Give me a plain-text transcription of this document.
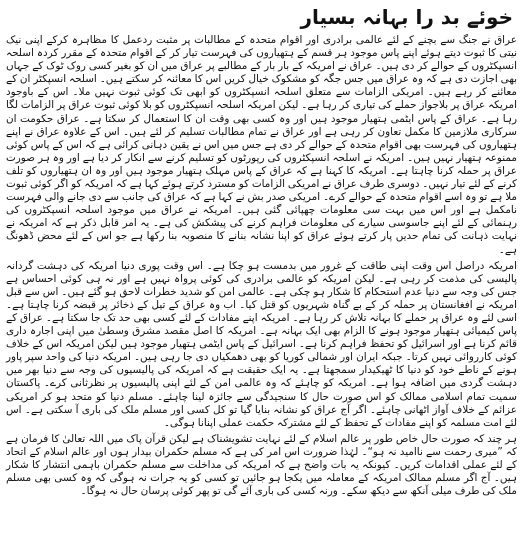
خوئے بد را بہانہ بسیار

عراق نے جنگ سے بچنے کے لئے عالمی برادری اور اقوام متحدہ کے مطالبات پر مثبت ردعمل کا مظاہرہ کرکے اپنی نیک نیتی کا ثبوت دیتے ہوئے اپنے پاس موجود ہر قسم کے ہتھیاروں کی فہرست تیار کر کے اقوام متحدہ کے مقرر کردہ اسلحہ انسپکٹروں کے حوالے کر دی ہیں۔ عراق نے امریکہ کے بار بار کے مطالبے پر عراق میں ان کو بغیر کسی روک ٹوک کے جہاں بھی اجازت دی ہے کہ وہ عراق میں جس جگہ کو مشکوک خیال کریں اس کا معائنہ کر سکتے ہیں۔ اسلحہ انسپکٹر ان کے معائنے کر رہے ہیں۔ امریکی الزامات سے متعلق اسلحہ انسپکٹروں کو ابھی تک کوئی ثبوت نہیں ملا۔ اس کے باوجود امریکہ عراق پر بلاجواز حملے کی تیاری کر رہا ہے۔ لیکن امریکہ اسلحہ انسپکٹروں کو بلا کوئی ثبوت عراق پر الزامات لگا رہا ہے۔ عراق کے پاس ایٹمی ہتھیار موجود ہیں اور وہ کسی بھی وقت ان کا استعمال کر سکتا ہے۔ عراق حکومت ان سرکاری ملازمین کا مکمل تعاون کر رہی ہے اور عراق نے تمام مطالبات تسلیم کر لئے ہیں۔ اس کے علاوہ عراق نے اپنے ہتھیاروں کی فہرست بھی اقوام متحدہ کے حوالے کر دی ہے جس میں اس نے یقین دہانی کرائی ہے کہ اس کے پاس کوئی ممنوعہ ہتھیار نہیں ہیں۔ امریکہ نے اسلحہ انسپکٹروں کی رپورٹوں کو تسلیم کرنے سے انکار کر دیا ہے اور وہ ہر صورت عراق پر حملہ کرنا چاہتا ہے۔ امریکہ کا کہنا ہے کہ عراق کے پاس مہلک ہتھیار موجود ہیں اور وہ ان ہتھیاروں کو تلف کرنے کے لئے تیار نہیں۔ دوسری طرف عراق نے امریکی الزامات کو مسترد کرتے ہوئے کہا ہے کہ امریکہ کو اگر کوئی ثبوت ملا ہے تو وہ اسے اقوام متحدہ کے حوالے کرے۔ امریکی صدر بش نے کہا ہے کہ عراق کی جانب سے دی جانے والی فہرست نامکمل ہے اور اس میں بہت سی معلومات چھپائی گئی ہیں۔ امریکہ نے عراق میں موجود اسلحہ انسپکٹروں کی رہنمائی کے لئے اپنے جاسوسی سیارے کی معلومات فراہم کرنے کی پیشکش کی ہے۔ یہ امر قابل ذکر ہے کہ امریکہ نے نہایت ذہانت کی تمام حدیں پار کرتے ہوئے عراق کو اپنا نشانہ بنانے کا منصوبہ بنا رکھا ہے جو اس کے لئے محض ڈھونگ ہے۔

امریکہ دراصل اس وقت اپنی طاقت کے غرور میں بدمست ہو چکا ہے۔ اس وقت پوری دنیا امریکہ کی دہشت گردانہ پالیسی کی مذمت کر رہی ہے۔ لیکن امریکہ کو عالمی برادری کی کوئی پرواہ نہیں ہے اور نہ ہی کوئی احساس ہے جس کی وجہ سے دنیا عدم استحکام کا شکار ہو چکی ہے۔ عالمی امن کو شدید خطرات لاحق ہو گئے ہیں۔ اس سے قبل امریکہ نے افغانستان پر حملہ کر کے بے گناہ شہریوں کو قتل کیا۔ اب وہ عراق کے تیل کے ذخائر پر قبضہ کرنا چاہتا ہے۔ اسی لئے وہ عراق پر حملے کا بہانہ تلاش کر رہا ہے۔ امریکہ اپنے مفادات کے لئے کسی بھی حد تک جا سکتا ہے۔ عراق کے پاس کیمیائی ہتھیار موجود ہونے کا الزام بھی ایک بہانہ ہے۔ امریکہ کا اصل مقصد مشرق وسطیٰ میں اپنی اجارہ داری قائم کرنا ہے اور اسرائیل کو تحفظ فراہم کرنا ہے۔ اسرائیل کے پاس ایٹمی ہتھیار موجود ہیں لیکن امریکہ اس کے خلاف کوئی کارروائی نہیں کرتا۔ جبکہ ایران اور شمالی کوریا کو بھی دھمکیاں دی جا رہی ہیں۔ امریکہ دنیا کی واحد سپر پاور ہونے کے ناطے خود کو دنیا کا ٹھیکیدار سمجھتا ہے۔ یہ ایک حقیقت ہے کہ امریکہ کی پالیسیوں کی وجہ سے دنیا بھر میں دہشت گردی میں اضافہ ہوا ہے۔ امریکہ کو چاہئے کہ وہ عالمی امن کے لئے اپنی پالیسیوں پر نظرثانی کرے۔ پاکستان سمیت تمام اسلامی ممالک کو اس صورت حال کا سنجیدگی سے جائزہ لینا چاہئے۔ مسلم دنیا کو متحد ہو کر امریکی عزائم کے خلاف آواز اٹھانی چاہئے۔ اگر آج عراق کو نشانہ بنایا گیا تو کل کسی اور مسلم ملک کی باری آ سکتی ہے۔ اس لئے امت مسلمہ کو اپنے مفادات کے تحفظ کے لئے مشترکہ حکمت عملی اپنانا ہوگی۔

ہر چند کہ صورت حال خاص طور پر عالم اسلام کے لئے نہایت تشویشناک ہے لیکن قرآن پاک میں اللہ تعالیٰ کا فرمان ہے کہ ”میری رحمت سے ناامید نہ ہو“۔ لہٰذا ضرورت اس امر کی ہے کہ مسلم حکمران بیدار ہوں اور عالم اسلام کے اتحاد کے لئے عملی اقدامات کریں۔ کیونکہ یہ بات واضح ہے کہ امریکہ کی مداخلت سے مسلم حکمران باہمی انتشار کا شکار ہیں۔ آج اگر مسلم ممالک امریکہ کے معاملہ میں یکجا ہو جائیں تو کسی کو یہ جرات نہ ہوگی کہ وہ کسی بھی مسلم ملک کی طرف میلی آنکھ سے دیکھ سکے۔ ورنہ کسی کی باری آئے گی تو پھر کوئی پرسان حال نہ ہوگا۔
